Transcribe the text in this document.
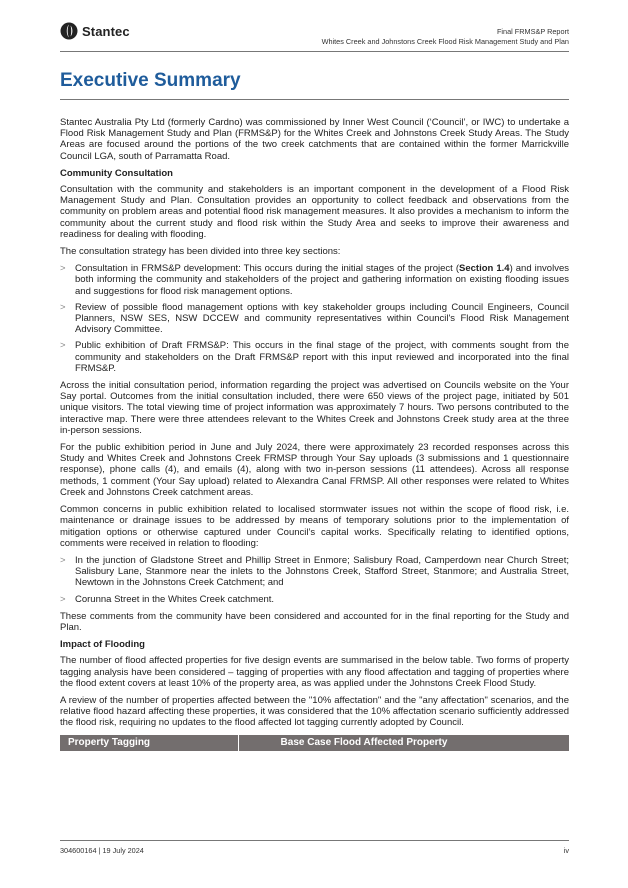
Stantec	Final FRMS&P Report
Whites Creek and Johnstons Creek Flood Risk Management Study and Plan
Executive Summary

Stantec Australia Pty Ltd (formerly Cardno) was commissioned by Inner West Council (‘Council’, or IWC) to undertake a Flood Risk Management Study and Plan (FRMS&P) for the Whites Creek and Johnstons Creek Study Areas. The Study Areas are focused around the portions of the two creek catchments that are contained within the former Marrickville Council LGA, south of Parramatta Road.

Community Consultation

Consultation with the community and stakeholders is an important component in the development of a Flood Risk Management Study and Plan. Consultation provides an opportunity to collect feedback and observations from the community on problem areas and potential flood risk management measures. It also provides a mechanism to inform the community about the current study and flood risk within the Study Area and seeks to improve their awareness and readiness for dealing with flooding.

The consultation strategy has been divided into three key sections:

> Consultation in FRMS&P development: This occurs during the initial stages of the project (Section 1.4) and involves both informing the community and stakeholders of the project and gathering information on existing flooding issues and suggestions for flood risk management options.
> Review of possible flood management options with key stakeholder groups including Council Engineers, Council Planners, NSW SES, NSW DCCEW and community representatives within Council's Flood Risk Management Advisory Committee.
> Public exhibition of Draft FRMS&P: This occurs in the final stage of the project, with comments sought from the community and stakeholders on the Draft FRMS&P report with this input reviewed and incorporated into the final FRMS&P.

Across the initial consultation period, information regarding the project was advertised on Councils website on the Your Say portal. Outcomes from the initial consultation included, there were 650 views of the project page, initiated by 501 unique visitors. The total viewing time of project information was approximately 7 hours. Two persons contributed to the interactive map. There were three attendees relevant to the Whites Creek and Johnstons Creek study area at the three in-person sessions.

For the public exhibition period in June and July 2024, there were approximately 23 recorded responses across this Study and Whites Creek and Johnstons Creek FRMSP through Your Say uploads (3 submissions and 1 questionnaire response), phone calls (4), and emails (4), along with two in-person sessions (11 attendees). Across all response methods, 1 comment (Your Say upload) related to Alexandra Canal FRMSP. All other responses were related to Whites Creek and Johnstons Creek catchment areas.

Common concerns in public exhibition related to localised stormwater issues not within the scope of flood risk, i.e. maintenance or drainage issues to be addressed by means of temporary solutions prior to the implementation of mitigation options or otherwise captured under Council’s capital works. Specifically relating to identified options, comments were received in relation to flooding:

> In the junction of Gladstone Street and Phillip Street in Enmore; Salisbury Road, Camperdown near Church Street; Salisbury Lane, Stanmore near the inlets to the Johnstons Creek, Stafford Street, Stanmore; and Australia Street, Newtown in the Johnstons Creek Catchment; and
> Corunna Street in the Whites Creek catchment.

These comments from the community have been considered and accounted for in the final reporting for the Study and Plan.

Impact of Flooding

The number of flood affected properties for five design events are summarised in the below table. Two forms of property tagging analysis have been considered – tagging of properties with any flood affectation and tagging of properties where the flood extent covers at least 10% of the property area, as was applied under the Johnstons Creek Flood Study.

A review of the number of properties affected between the "10% affectation" and the "any affectation" scenarios, and the relative flood hazard affecting these properties, it was considered that the 10% affectation scenario sufficiently addressed the flood risk, requiring no updates to the flood affected lot tagging currently adopted by Council.

Property Tagging	Base Case Flood Affected Property
304600164 | 19 July 2024	iv
